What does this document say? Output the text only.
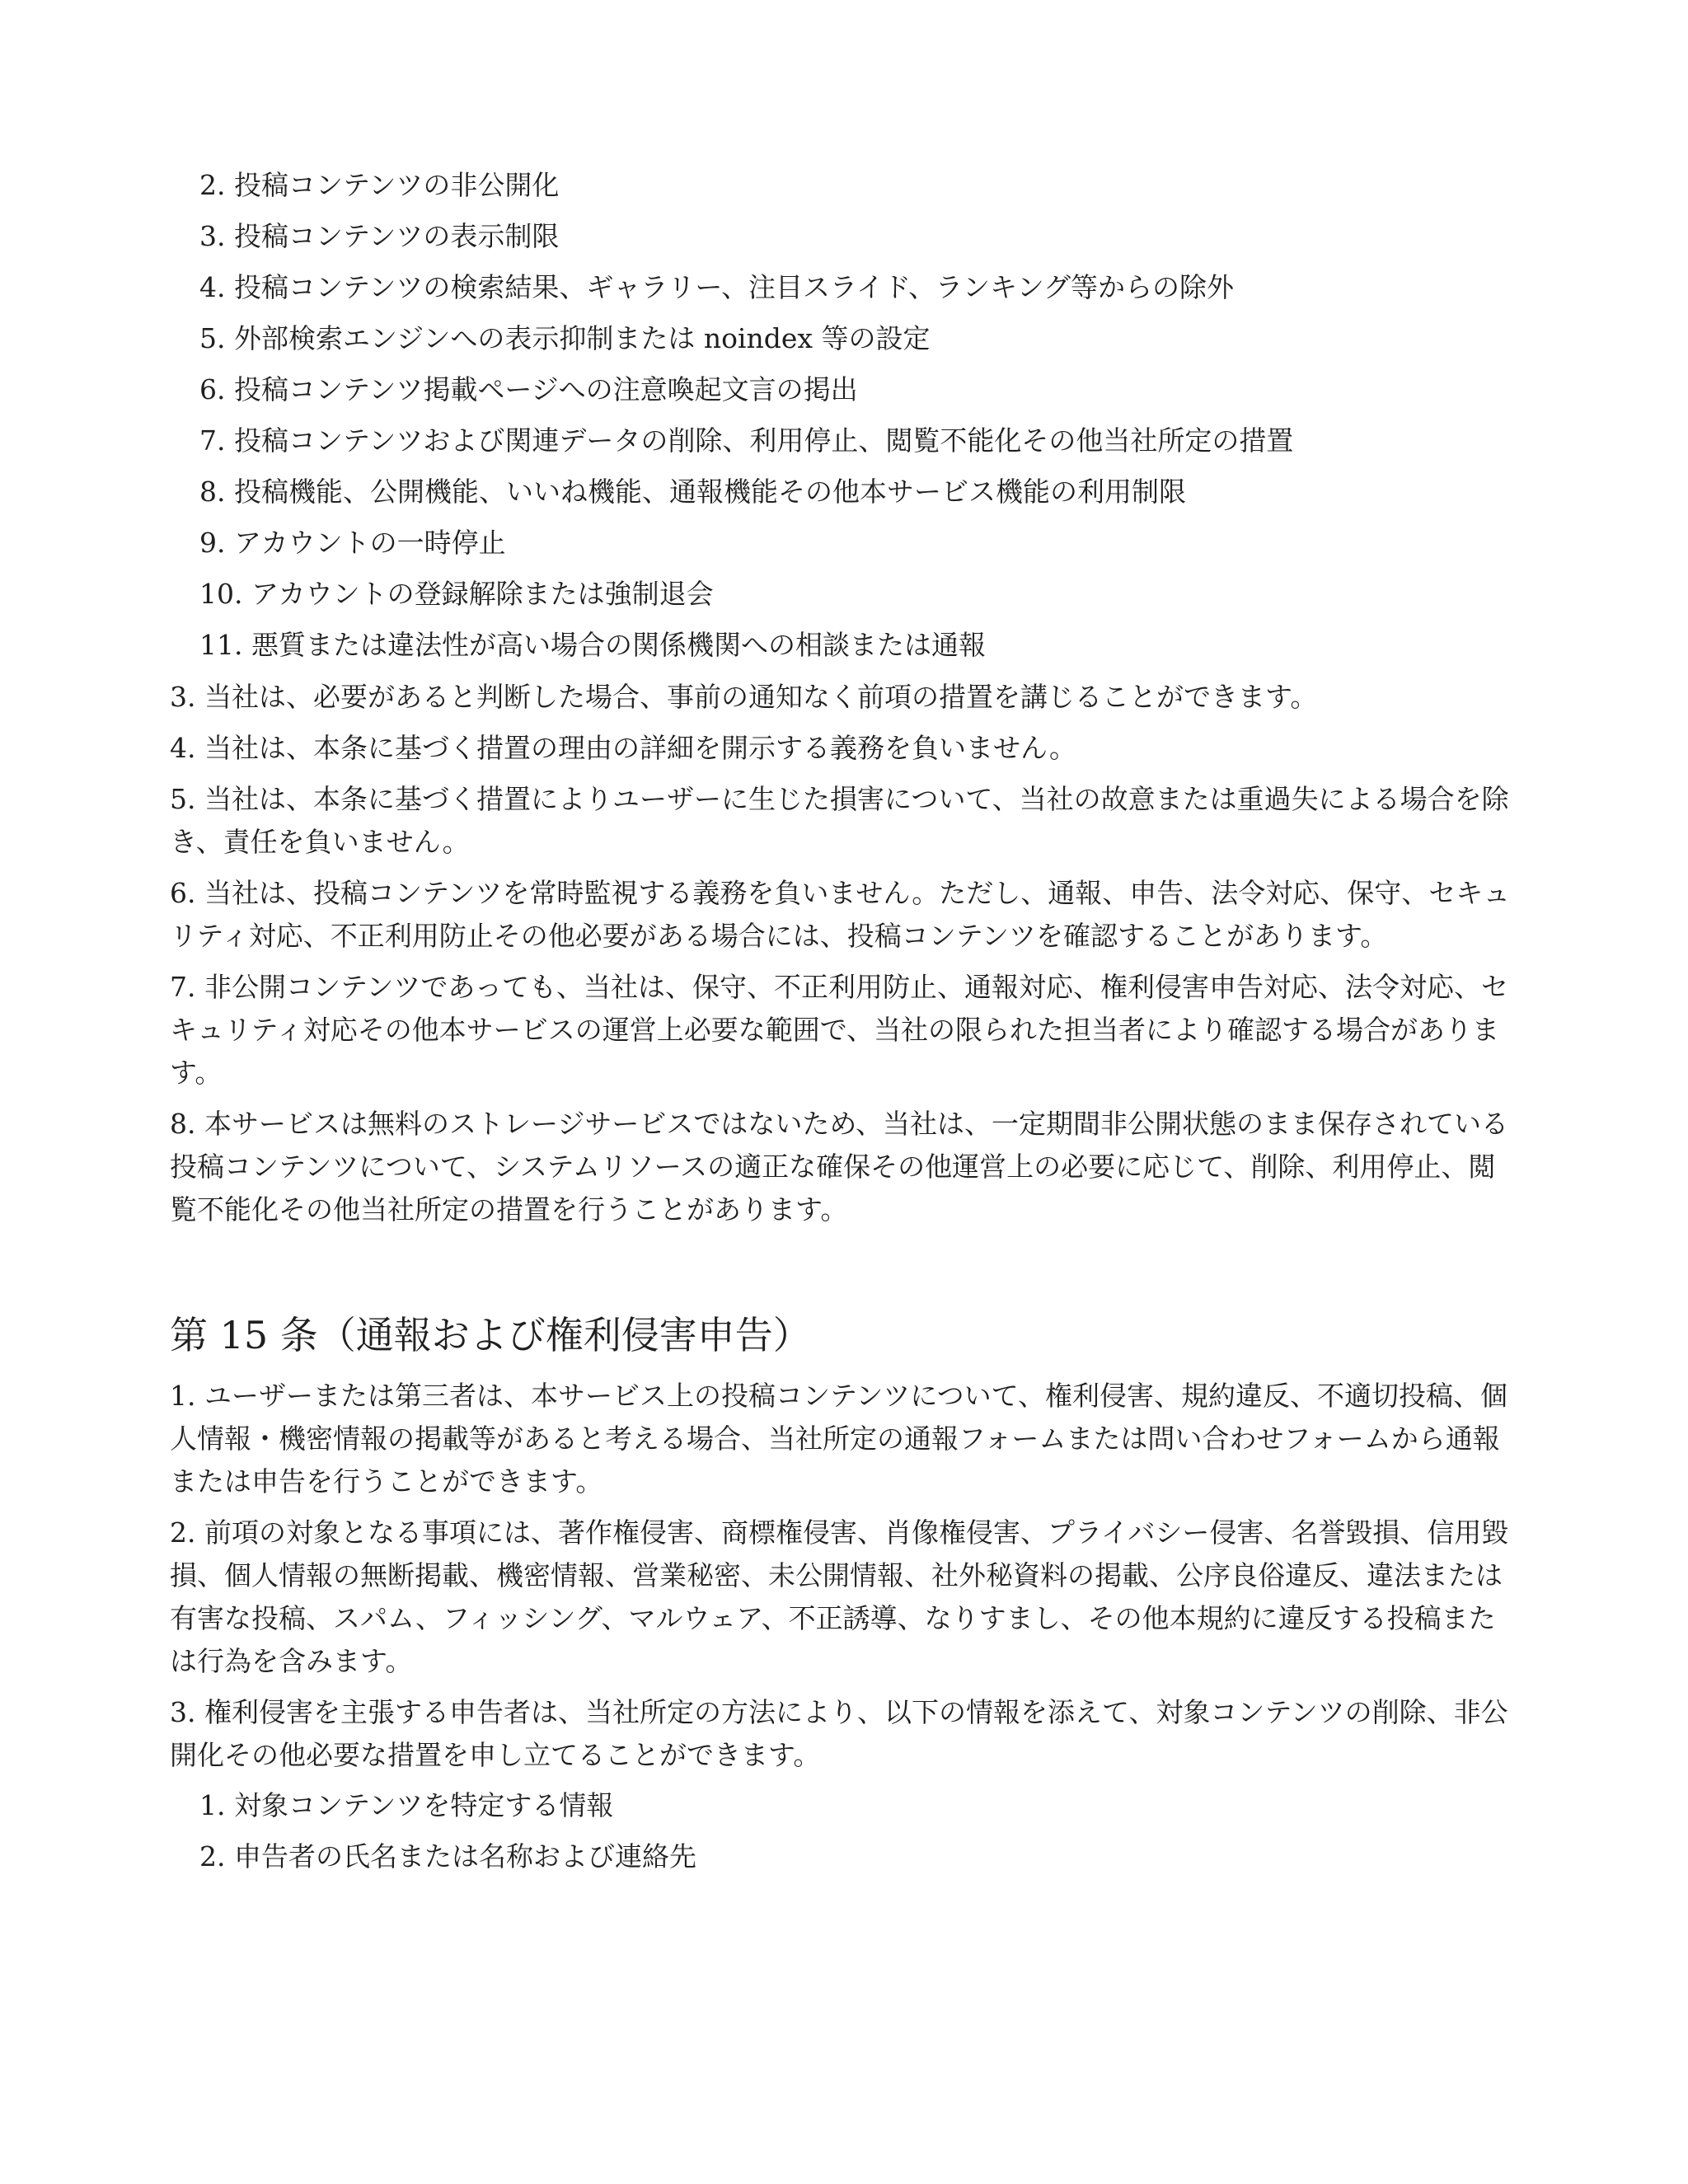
2. 投稿コンテンツの非公開化
3. 投稿コンテンツの表示制限
4. 投稿コンテンツの検索結果、ギャラリー、注目スライド、ランキング等からの除外
5. 外部検索エンジンへの表示抑制または noindex 等の設定
6. 投稿コンテンツ掲載ページへの注意喚起文言の掲出
7. 投稿コンテンツおよび関連データの削除、利用停止、閲覧不能化その他当社所定の措置
8. 投稿機能、公開機能、いいね機能、通報機能その他本サービス機能の利用制限
9. アカウントの一時停止
10. アカウントの登録解除または強制退会
11. 悪質または違法性が高い場合の関係機関への相談または通報

3. 当社は、必要があると判断した場合、事前の通知なく前項の措置を講じることができます。

4. 当社は、本条に基づく措置の理由の詳細を開示する義務を負いません。

5. 当社は、本条に基づく措置によりユーザーに生じた損害について、当社の故意または重過失による場合を除き、責任を負いません。

6. 当社は、投稿コンテンツを常時監視する義務を負いません。ただし、通報、申告、法令対応、保守、セキュリティ対応、不正利用防止その他必要がある場合には、投稿コンテンツを確認することがあります。

7. 非公開コンテンツであっても、当社は、保守、不正利用防止、通報対応、権利侵害申告対応、法令対応、セキュリティ対応その他本サービスの運営上必要な範囲で、当社の限られた担当者により確認する場合があります。

8. 本サービスは無料のストレージサービスではないため、当社は、一定期間非公開状態のまま保存されている投稿コンテンツについて、システムリソースの適正な確保その他運営上の必要に応じて、削除、利用停止、閲覧不能化その他当社所定の措置を行うことがあります。

第 15 条（通報および権利侵害申告）

1. ユーザーまたは第三者は、本サービス上の投稿コンテンツについて、権利侵害、規約違反、不適切投稿、個人情報・機密情報の掲載等があると考える場合、当社所定の通報フォームまたは問い合わせフォームから通報または申告を行うことができます。

2. 前項の対象となる事項には、著作権侵害、商標権侵害、肖像権侵害、プライバシー侵害、名誉毀損、信用毀損、個人情報の無断掲載、機密情報、営業秘密、未公開情報、社外秘資料の掲載、公序良俗違反、違法または有害な投稿、スパム、フィッシング、マルウェア、不正誘導、なりすまし、その他本規約に違反する投稿または行為を含みます。

3. 権利侵害を主張する申告者は、当社所定の方法により、以下の情報を添えて、対象コンテンツの削除、非公開化その他必要な措置を申し立てることができます。

1. 対象コンテンツを特定する情報
2. 申告者の氏名または名称および連絡先
